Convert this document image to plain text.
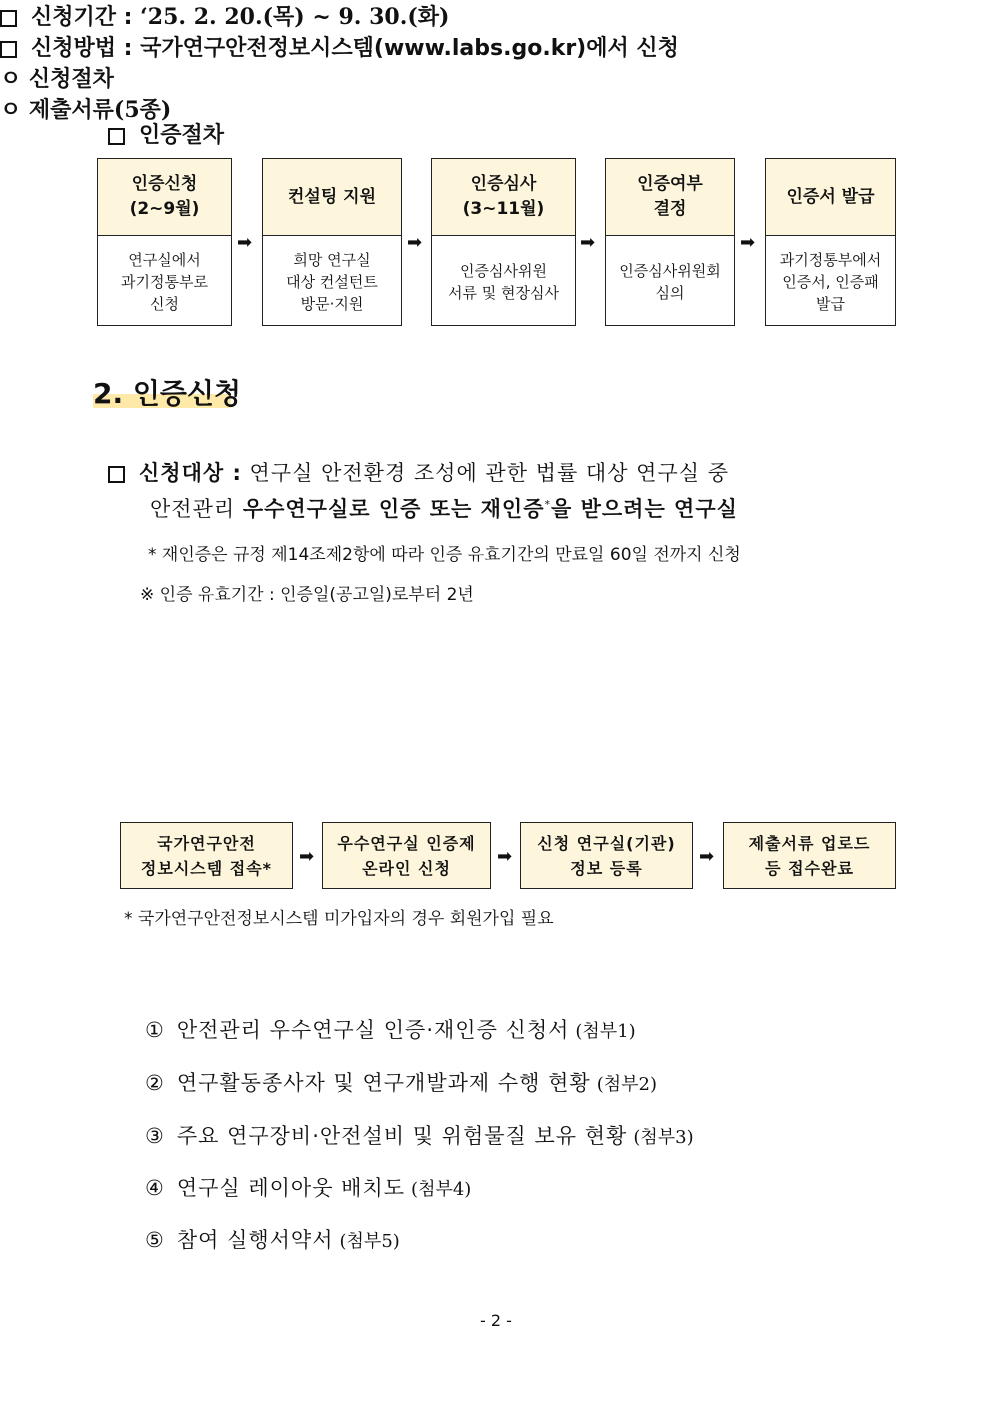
인증절차
인증신청
(2~9월)
연구실에서
과기정통부로
신청
➡
컨설팅 지원
희망 연구실
대상 컨설턴트
방문·지원
➡
인증심사
(3~11월)
인증심사위원
서류 및 현장심사
➡
인증여부
결정
인증심사위원회
심의
➡
인증서 발급
과기정통부에서
인증서, 인증패
발급
2. 인증신청
신청대상 : 연구실 안전환경 조성에 관한 법률 대상 연구실 중
안전관리 우수연구실로 인증 또는 재인증*을 받으려는 연구실
* 재인증은 규정 제14조제2항에 따라 인증 유효기간의 만료일 60일 전까지 신청
※ 인증 유효기간 : 인증일(공고일)로부터 2년
신청기간 : ‘25. 2. 20.(목) ~ 9. 30.(화)
신청방법 : 국가연구안전정보시스템(www.labs.go.kr)에서 신청
ㅇ 신청절차
국가연구안전
정보시스템 접속*
➡
우수연구실 인증제
온라인 신청
➡
신청 연구실(기관)
정보 등록
➡
제출서류 업로드
등 접수완료
* 국가연구안전정보시스템 미가입자의 경우 회원가입 필요
ㅇ 제출서류(5종)
① 안전관리 우수연구실 인증·재인증 신청서 (첨부1)
② 연구활동종사자 및 연구개발과제 수행 현황 (첨부2)
③ 주요 연구장비·안전설비 및 위험물질 보유 현황 (첨부3)
④ 연구실 레이아웃 배치도 (첨부4)
⑤ 참여 실행서약서 (첨부5)
- 2 -
